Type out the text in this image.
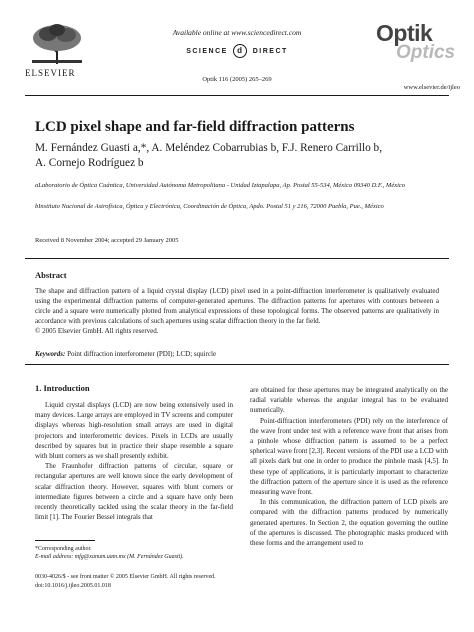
ELSEVIER
Available online at www.sciencedirect.com
SCIENCE d DIRECT
Optik 116 (2005) 265–269
Optik
Optics
www.elsevier.de/ijleo
LCD pixel shape and far-field diffraction patterns
M. Fernández Guasti a,*, A. Meléndez Cobarrubias b, F.J. Renero Carrillo b,
A. Cornejo Rodríguez b
aLaboratorio de Óptica Cuántica, Universidad Autónoma Metropolitana - Unidad Iztapalapa, Ap. Postal 55-534, México 09340 D.F., México
bInstituto Nacional de Astrofísica, Óptica y Electrónica, Coordinación de Óptica, Apdo. Postal 51 y 216, 72000 Puebla, Pue., México
Received 8 November 2004; accepted 29 January 2005
Abstract
The shape and diffraction pattern of a liquid crystal display (LCD) pixel used in a point-diffraction interferometer is qualitatively evaluated using the experimental diffraction patterns of computer-generated apertures. The diffraction patterns for apertures with contours between a circle and a square were numerically plotted from analytical expressions of these topological forms. The observed patterns are qualitatively in accordance with previous calculations of such apertures using scalar diffraction theory in the far field.
© 2005 Elsevier GmbH. All rights reserved.
Keywords: Point diffraction interferometer (PDI); LCD; squircle
1. Introduction

Liquid crystal displays (LCD) are now being extensively used in many devices. Large arrays are employed in TV screens and computer displays whereas high-resolution small arrays are used in digital projectors and interferometric devices. Pixels in LCDs are usually described by squares but in practice their shape resemble a square with blunt corners as we shall presently exhibit.

The Fraunhofer diffraction patterns of circular, square or rectangular apertures are well known since the early development of scalar diffraction theory. However, squares with blunt corners or intermediate figures between a circle and a square have only been recently theoretically tackled using the scalar theory in the far-field limit [1]. The Fourier Bessel integrals that

are obtained for these apertures may be integrated analytically on the radial variable whereas the angular integral has to be evaluated numerically.

Point-diffraction interferometers (PDI) rely on the interference of the wave front under test with a reference wave front that arises from a pinhole whose diffraction pattern is assumed to be a perfect spherical wave front [2,3]. Recent versions of the PDI use a LCD with all pixels dark but one in order to produce the pinhole mask [4,5]. In these type of applications, it is particularly important to characterize the diffraction pattern of the aperture since it is used as the reference measuring wave front.

In this communication, the diffraction pattern of LCD pixels are compared with the diffraction patterns produced by numerically generated apertures. In Section 2, the equation governing the outline of the apertures is discussed. The photographic masks produced with these forms and the arrangement used to

*Corresponding author.
E-mail address: mfg@xanum.uam.mx (M. Fernández Guasti).
0030-4026/$ - see front matter © 2005 Elsevier GmbH. All rights reserved.
doi:10.1016/j.ijleo.2005.01.018
